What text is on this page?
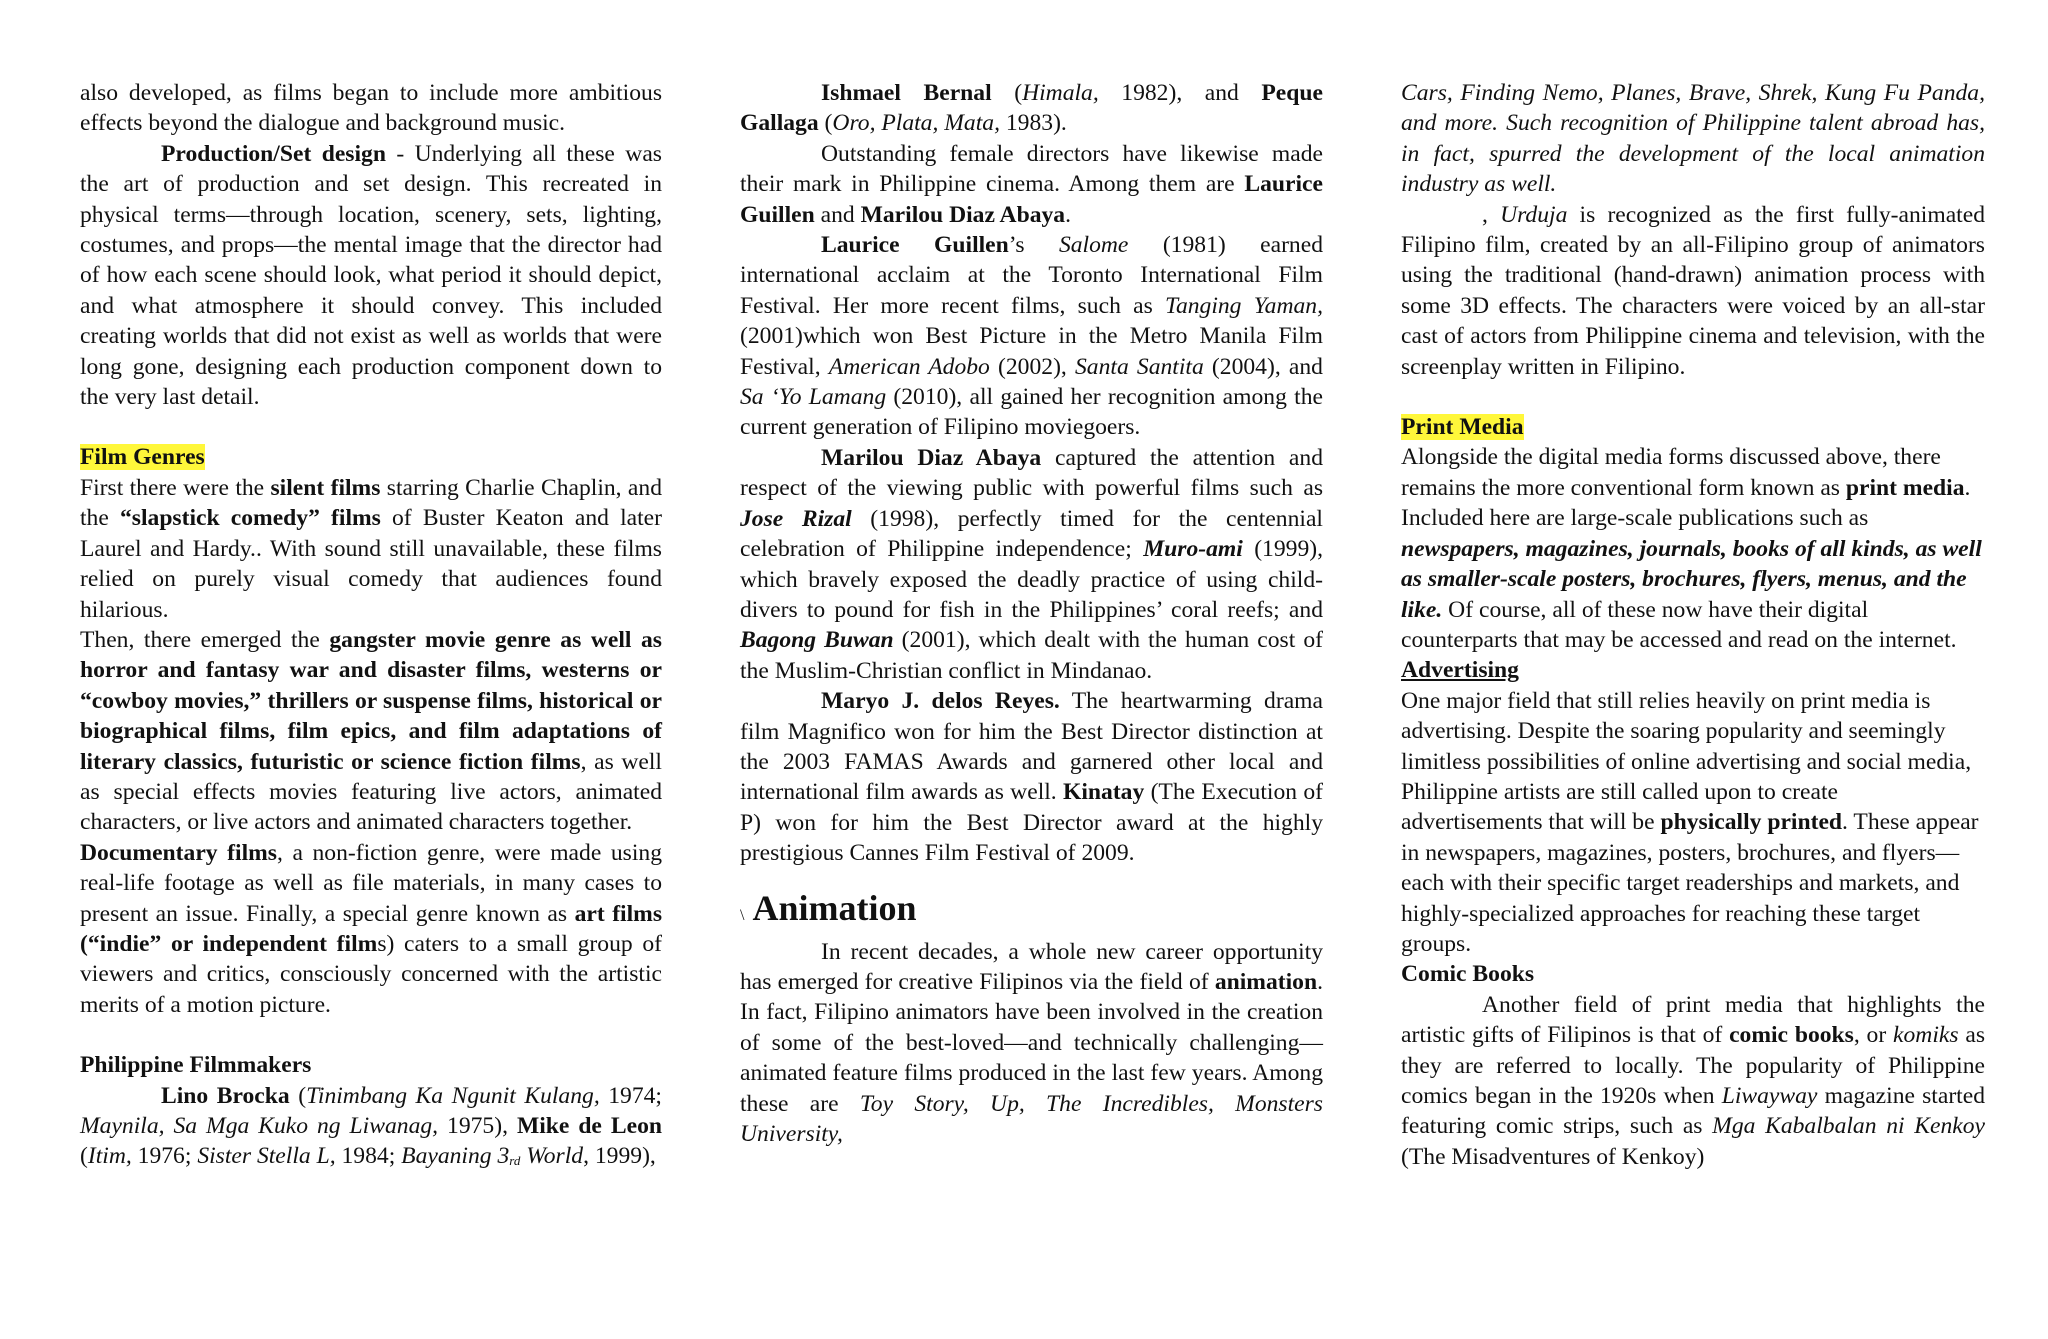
also developed, as films began to include more ambitious effects beyond the dialogue and background music.

Production/Set design - Underlying all these was the art of production and set design. This recreated in physical terms—through location, scenery, sets, lighting, costumes, and props—the mental image that the director had of how each scene should look, what period it should depict, and what atmosphere it should convey. This included creating worlds that did not exist as well as worlds that were long gone, designing each production component down to the very last detail.

Film Genres

First there were the silent films starring Charlie Chaplin, and the “slapstick comedy” films of Buster Keaton and later Laurel and Hardy.. With sound still unavailable, these films relied on purely visual comedy that audiences found hilarious.

Then, there emerged the gangster movie genre as well as horror and fantasy war and disaster films, westerns or “cowboy movies,” thrillers or suspense films, historical or biographical films, film epics, and film adaptations of literary classics, futuristic or science fiction films, as well as special effects movies featuring live actors, animated characters, or live actors and animated characters together.

Documentary films, a non-fiction genre, were made using real-life footage as well as file materials, in many cases to present an issue. Finally, a special genre known as art films (“indie” or independent films) caters to a small group of viewers and critics, consciously concerned with the artistic merits of a motion picture.

Philippine Filmmakers

Lino Brocka (Tinimbang Ka Ngunit Kulang, 1974; Maynila, Sa Mga Kuko ng Liwanag, 1975), Mike de Leon (Itim, 1976; Sister Stella L, 1984; Bayaning $3_{rd}$ World, 1999),

Ishmael Bernal (Himala, 1982), and Peque Gallaga (Oro, Plata, Mata, 1983).

Outstanding female directors have likewise made their mark in Philippine cinema. Among them are Laurice Guillen and Marilou Diaz Abaya.

Laurice Guillen’s Salome (1981) earned international acclaim at the Toronto International Film Festival. Her more recent films, such as Tanging Yaman, (2001)which won Best Picture in the Metro Manila Film Festival, American Adobo (2002), Santa Santita (2004), and Sa ‘Yo Lamang (2010), all gained her recognition among the current generation of Filipino moviegoers.

Marilou Diaz Abaya captured the attention and respect of the viewing public with powerful films such as Jose Rizal (1998), perfectly timed for the centennial celebration of Philippine independence; Muro-ami (1999), which bravely exposed the deadly practice of using child-divers to pound for fish in the Philippines’ coral reefs; and Bagong Buwan (2001), which dealt with the human cost of the Muslim-Christian conflict in Mindanao.

Maryo J. delos Reyes. The heartwarming drama film Magnifico won for him the Best Director distinction at the 2003 FAMAS Awards and garnered other local and international film awards as well. Kinatay (The Execution of P) won for him the Best Director award at the highly prestigious Cannes Film Festival of 2009.

\ Animation

In recent decades, a whole new career opportunity has emerged for creative Filipinos via the field of animation. In fact, Filipino animators have been involved in the creation of some of the best-loved—and technically challenging—animated feature films produced in the last few years. Among these are Toy Story, Up, The Incredibles, Monsters University,

Cars, Finding Nemo, Planes, Brave, Shrek, Kung Fu Panda, and more. Such recognition of Philippine talent abroad has, in fact, spurred the development of the local animation industry as well.

, Urduja is recognized as the first fully-animated Filipino film, created by an all-Filipino group of animators using the traditional (hand-drawn) animation process with some 3D effects. The characters were voiced by an all-star cast of actors from Philippine cinema and television, with the screenplay written in Filipino.

Print Media

Alongside the digital media forms discussed above, there remains the more conventional form known as print media. Included here are large-scale publications such as newspapers, magazines, journals, books of all kinds, as well as smaller-scale posters, brochures, flyers, menus, and the like. Of course, all of these now have their digital counterparts that may be accessed and read on the internet.

Advertising

One major field that still relies heavily on print media is advertising. Despite the soaring popularity and seemingly limitless possibilities of online advertising and social media, Philippine artists are still called upon to create advertisements that will be physically printed. These appear in newspapers, magazines, posters, brochures, and flyers—each with their specific target readerships and markets, and highly-specialized approaches for reaching these target groups.

Comic Books

Another field of print media that highlights the artistic gifts of Filipinos is that of comic books, or komiks as they are referred to locally. The popularity of Philippine comics began in the 1920s when Liwayway magazine started featuring comic strips, such as Mga Kabalbalan ni Kenkoy (The Misadventures of Kenkoy)
